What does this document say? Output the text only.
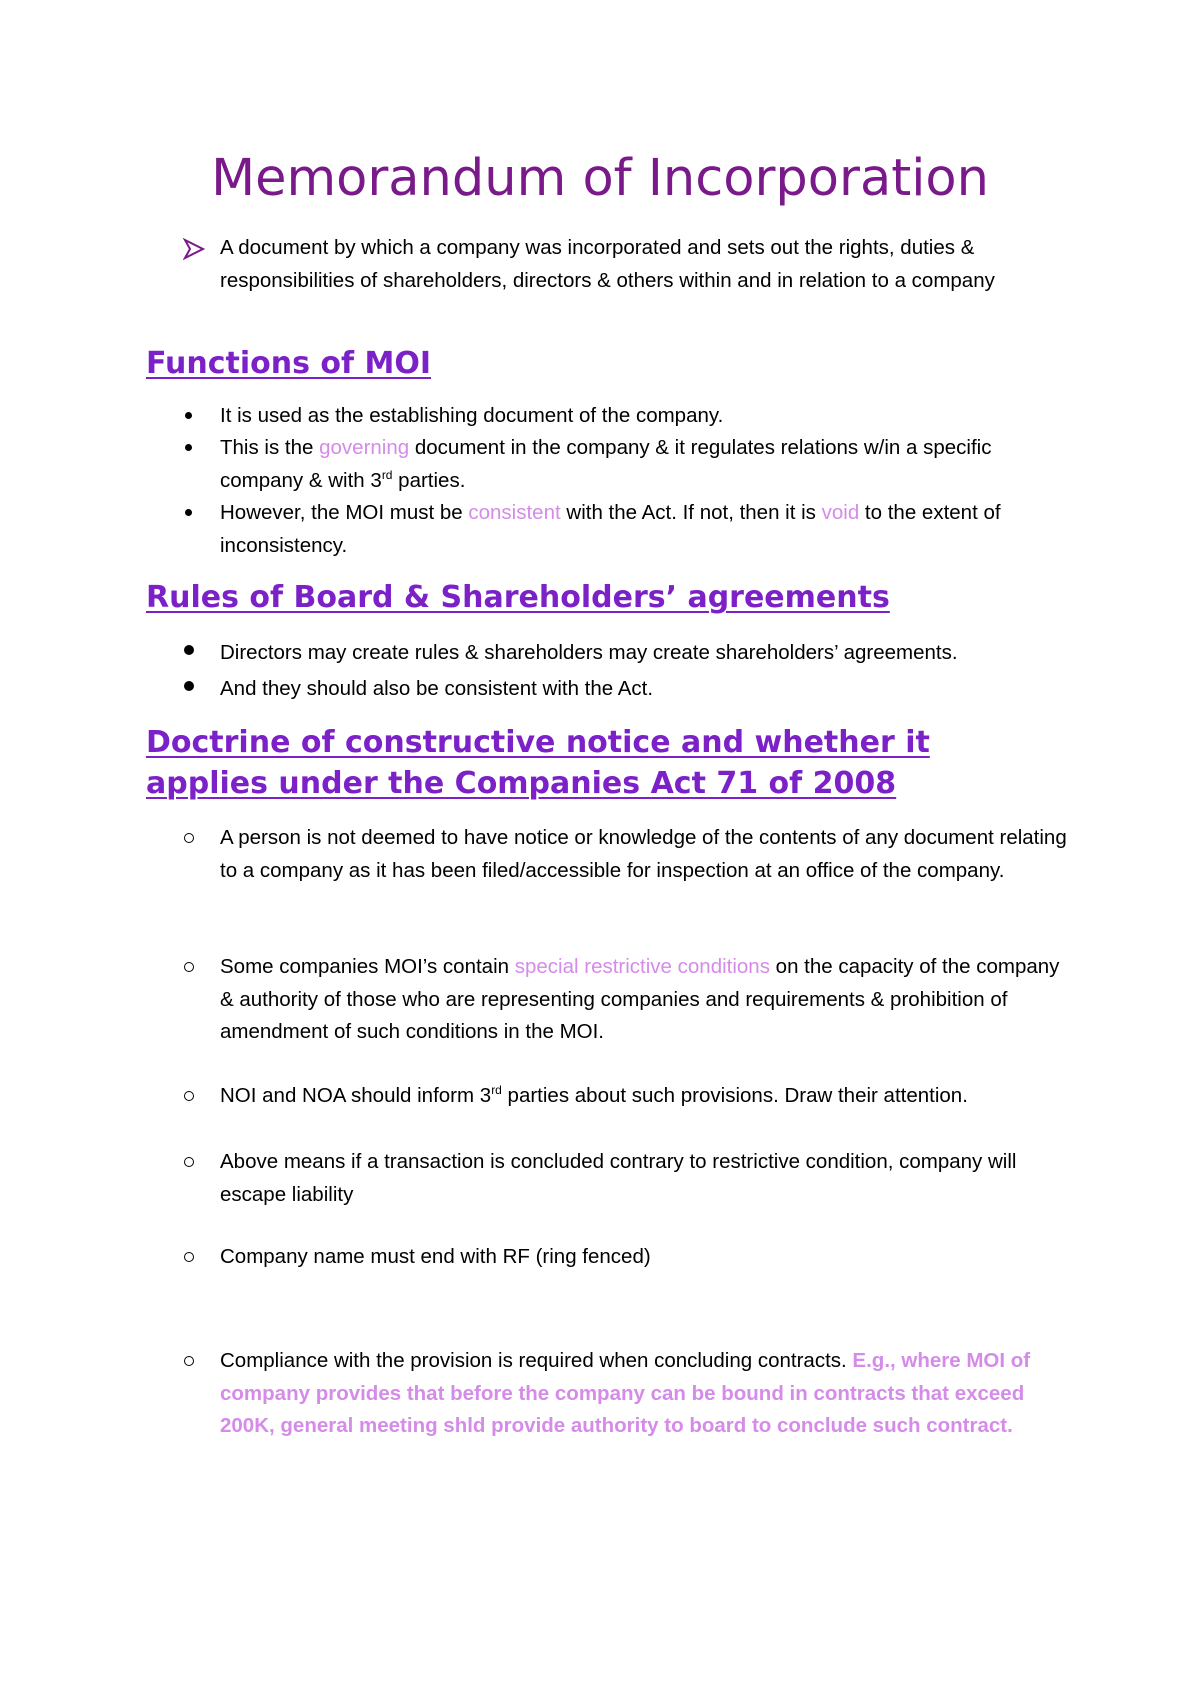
Memorandum of Incorporation
A document by which a company was incorporated and sets out the rights, duties & responsibilities of shareholders, directors & others within and in relation to a company
Functions of MOI
It is used as the establishing document of the company.
This is the governing document in the company & it regulates relations w/in a specific company & with 3rd parties.
However, the MOI must be consistent with the Act. If not, then it is void to the extent of inconsistency.
Rules of Board & Shareholders’ agreements
Directors may create rules & shareholders may create shareholders’ agreements.
And they should also be consistent with the Act.
Doctrine of constructive notice and whether it
applies under the Companies Act 71 of 2008
A person is not deemed to have notice or knowledge of the contents of any document relating to a company as it has been filed/accessible for inspection at an office of the company.
Some companies MOI’s contain special restrictive conditions on the capacity of the company & authority of those who are representing companies and requirements & prohibition of amendment of such conditions in the MOI.
NOI and NOA should inform 3rd parties about such provisions. Draw their attention.
Above means if a transaction is concluded contrary to restrictive condition, company will escape liability
Company name must end with RF (ring fenced)
Compliance with the provision is required when concluding contracts. E.g., where MOI of company provides that before the company can be bound in contracts that exceed 200K, general meeting shld provide authority to board to conclude such contract.
